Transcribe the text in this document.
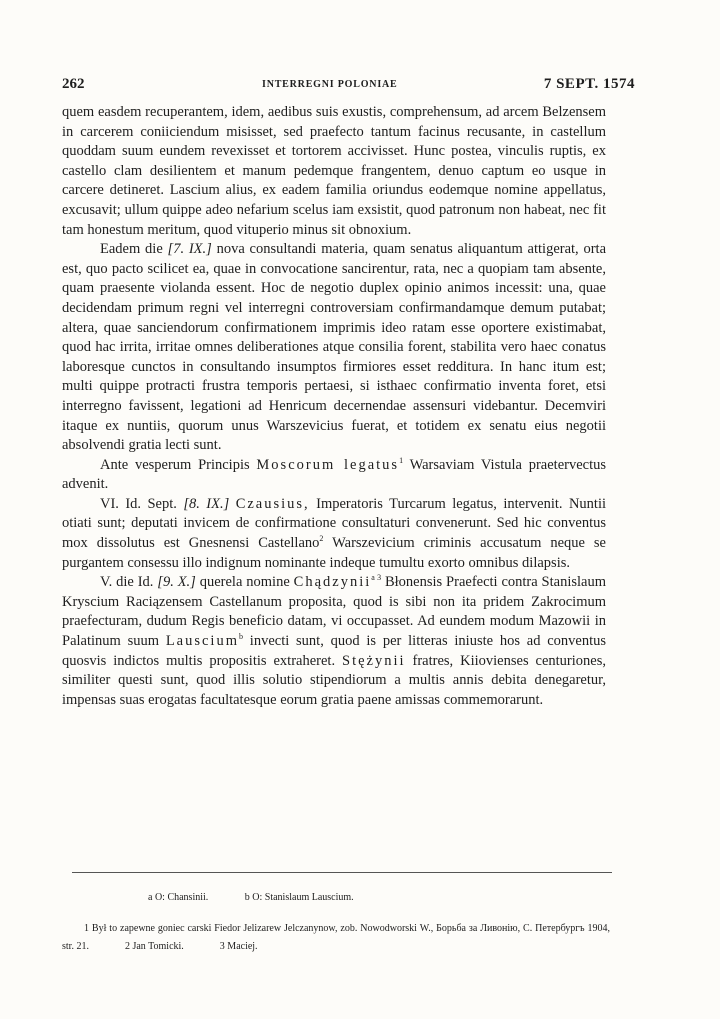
262	INTERREGNI POLONIAE	7 SEPT. 1574

quem easdem recuperantem, idem, aedibus suis exustis, comprehensum, ad arcem Belzensem in carcerem coniiciendum misisset, sed praefecto tantum facinus recusante, in castellum quoddam suum eundem revexisset et tortorem accivisset. Hunc postea, vinculis ruptis, ex castello clam desilientem et manum pedemque frangentem, denuo captum eo usque in carcere detineret. Lascium alius, ex eadem familia oriundus eodemque nomine appellatus, excusavit; ullum quippe adeo nefarium scelus iam exsistit, quod patronum non habeat, nec fit tam honestum meritum, quod vituperio minus sit obnoxium.

Eadem die [7. IX.] nova consultandi materia, quam senatus aliquantum attigerat, orta est, quo pacto scilicet ea, quae in convocatione sancirentur, rata, nec a quopiam tam absente, quam praesente violanda essent. Hoc de negotio duplex opinio animos incessit: una, quae decidendam primum regni vel interregni controversiam confirmandamque demum putabat; altera, quae sanciendorum confirmationem imprimis ideo ratam esse oportere existimabat, quod hac irrita, irritae omnes deliberationes atque consilia forent, stabilita vero haec conatus laboresque cunctos in consultando insumptos firmiores esset redditura. In hanc itum est; multi quippe protracti frustra temporis pertaesi, si isthaec confirmatio inventa foret, etsi interregno favissent, legationi ad Henricum decernendae assensuri videbantur. Decemviri itaque ex nuntiis, quorum unus Warszevicius fuerat, et totidem ex senatu eius negotii absolvendi gratia lecti sunt.

Ante vesperum Principis Moscorum legatus$^1$ Warsaviam Vistula praetervectus advenit.

VI. Id. Sept. [8. IX.] Czausius, Imperatoris Turcarum legatus, intervenit. Nuntii otiati sunt; deputati invicem de confirmatione consultaturi convenerunt. Sed hic conventus mox dissolutus est Gnesnensi Castellano$^2$ Warszevicium criminis accusatum neque se purgantem consessu illo indignum nominante indeque tumultu exorto omnibus dilapsis.

V. die Id. [9. X.] querela nomine Chądzynii$^{a 3}$ Błonensis Praefecti contra Stanislaum Kryscium Raciązensem Castellanum proposita, quod is sibi non ita pridem Zakrocimum praefecturam, dudum Regis beneficio datam, vi occupasset. Ad eundem modum Mazowii in Palatinum suum Lauscium$^b$ invecti sunt, quod is per litteras iniuste hos ad conventus quosvis indictos multis propositis extraheret. Stężynii fratres, Kiiovienses centuriones, similiter questi sunt, quod illis solutio stipendiorum a multis annis debita denegaretur, impensas suas erogatas facultatesque eorum gratia paene amissas commemorarunt.

a O: Chansinii.	b O: Stanislaum Lauscium.

1 Był to zapewne goniec carski Fiedor Jelizarew Jelczanynow, zob. Nowodworski W., Борьба за Ливонію, С. Петербургъ 1904, str. 21.	2 Jan Tomicki.	3 Maciej.
